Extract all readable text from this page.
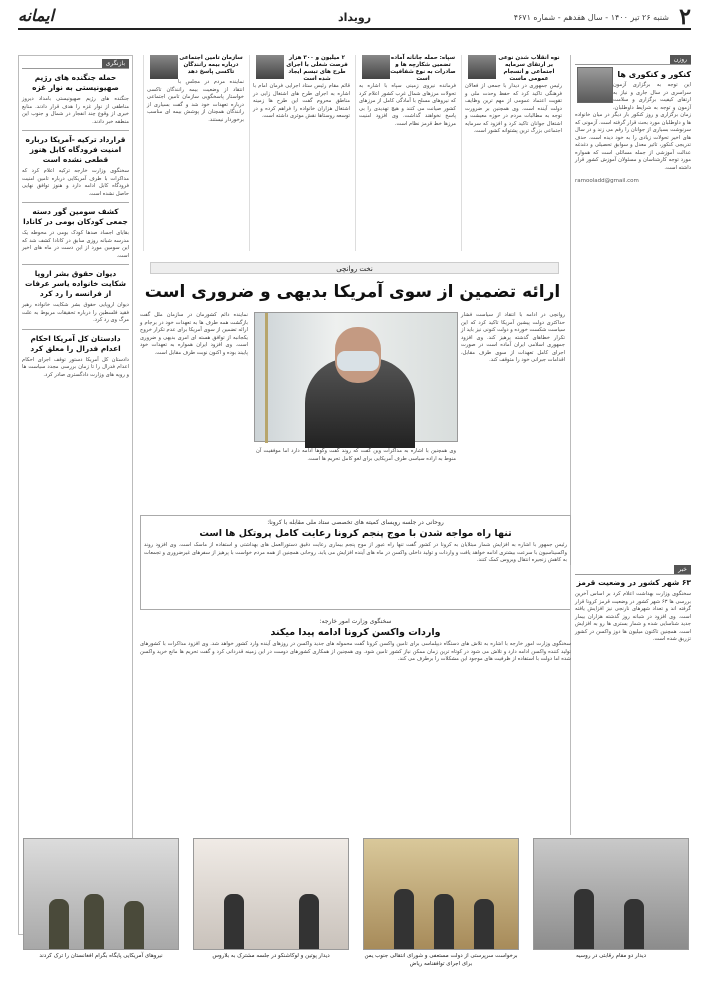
۲
شنبه ۲۶ تیر ۱۴۰۰ - سال هفدهم - شماره ۴۶۷۱
رویداد
ایمانه
روزن
کنکور و کنکوری ها
این توجه به برگزاری آزمون سراسری در سال جاری و نیاز به ارتقای کیفیت برگزاری و سلامت آزمون و توجه به شرایط داوطلبان، زمان برگزاری و روز کنکور بار دیگر در میان خانواده ها و داوطلبان مورد بحث قرار گرفته است. آزمونی که سرنوشت بسیاری از جوانان را رقم می زند و در سال های اخیر تحولات زیادی را به خود دیده است. حذف تدریجی کنکور، تاثیر معدل و سوابق تحصیلی و دغدغه عدالت آموزشی از جمله مسائلی است که همواره مورد توجه کارشناسان و مسئولان آموزش کشور قرار داشته است.
ramooladd@gmail.com
بازنگری
حمله جنگنده های رژیم صهیونیستی به نوار غزه
جنگنده های رژیم صهیونیستی بامداد دیروز مناطقی از نوار غزه را هدف قرار دادند. منابع خبری از وقوع چند انفجار در شمال و جنوب این منطقه خبر دادند.
قرارداد ترکیه -آمریکا درباره امنیت فرودگاه کابل هنوز قطعی نشده است
سخنگوی وزارت خارجه ترکیه اعلام کرد که مذاکرات با طرف آمریکایی درباره تامین امنیت فرودگاه کابل ادامه دارد و هنوز توافق نهایی حاصل نشده است.
کشف سومین گور دسته جمعی کودکان بومی در کانادا
بقایای اجساد صدها کودک بومی در محوطه یک مدرسه شبانه روزی سابق در کانادا کشف شد که این سومین مورد از این دست در ماه های اخیر است.
دیوان حقوق بشر اروپا شکایت خانواده یاسر عرفات از فرانسه را رد کرد
دیوان اروپایی حقوق بشر شکایت خانواده رهبر فقید فلسطین را درباره تحقیقات مربوط به علت مرگ وی رد کرد.
دادستان کل آمریکا احکام اعدام فدرال را معلق کرد
دادستان کل آمریکا دستور توقف اجرای احکام اعدام فدرال را تا زمان بررسی مجدد سیاست ها و رویه های وزارت دادگستری صادر کرد.
نوه انقلاب شدن نوعی بر ارتقای سرمایه اجتماعی و انسجام عمومی ماست
رئیس جمهوری در دیدار با جمعی از فعالان فرهنگی تاکید کرد که حفظ وحدت ملی و تقویت اعتماد عمومی از مهم ترین وظایف دولت آینده است. وی همچنین بر ضرورت توجه به مطالبات مردم در حوزه معیشت و اشتغال جوانان تاکید کرد و افزود که سرمایه اجتماعی بزرگ ترین پشتوانه کشور است.
سپاه: حمله جانانه آماده تضمین شکارچه ها و صادرات به نوع شفافیت است
فرمانده نیروی زمینی سپاه با اشاره به تحولات مرزهای شمال غرب کشور اعلام کرد که نیروهای مسلح با آمادگی کامل از مرزهای کشور صیانت می کنند و هیچ تهدیدی را بی پاسخ نخواهند گذاشت. وی افزود امنیت مرزها خط قرمز نظام است.
۲ میلیون و ۳۰۰ هزار فرصت شغلی با اجرای طرح های تبسم ایجاد شده است
قائم مقام رئیس ستاد اجرایی فرمان امام با اشاره به اجرای طرح های اشتغال زایی در مناطق محروم گفت این طرح ها زمینه اشتغال هزاران خانواده را فراهم کرده و در توسعه روستاها نقش موثری داشته است.
سازمان تامین اجتماعی درباره بیمه رانندگان تاکسی پاسخ دهد
نماینده مردم در مجلس با انتقاد از وضعیت بیمه رانندگان تاکسی خواستار پاسخگویی سازمان تامین اجتماعی درباره تعهدات خود شد و گفت بسیاری از رانندگان همچنان از پوشش بیمه ای مناسب برخوردار نیستند.
نخت روانچی
ارائه تضمین از سوی آمریکا بدیهی و ضروری است
روانچی در ادامه با انتقاد از سیاست فشار حداکثری دولت پیشین آمریکا تاکید کرد که این سیاست شکست خورده و دولت کنونی نیز باید از تکرار خطاهای گذشته پرهیز کند. وی افزود جمهوری اسلامی ایران آماده است در صورت اجرای کامل تعهدات از سوی طرف مقابل، اقدامات جبرانی خود را متوقف کند.
نماینده دائم کشورمان در سازمان ملل گفت بازگشت همه طرف ها به تعهدات خود در برجام و ارائه تضمین از سوی آمریکا برای عدم تکرار خروج یکجانبه از توافق هسته ای امری بدیهی و ضروری است. وی افزود ایران همواره به تعهدات خود پایبند بوده و اکنون نوبت طرف مقابل است.
وی همچنین با اشاره به مذاکرات وین گفت که روند گفت وگوها ادامه دارد اما موفقیت آن منوط به اراده سیاسی طرف آمریکایی برای لغو کامل تحریم ها است.
روحانی در جلسه رویسای کمیته های تخصصی ستاد ملی مقابله با کرونا:
تنها راه مواجه شدن با موج پنجم کرونا رعایت کامل پروتکل ها است
رئیس جمهور با اشاره به افزایش شمار مبتلایان به کرونا در کشور گفت تنها راه عبور از موج پنجم بیماری رعایت دقیق دستورالعمل های بهداشتی و استفاده از ماسک است. وی افزود روند واکسیناسیون با سرعت بیشتری ادامه خواهد یافت و واردات و تولید داخلی واکسن در ماه های آینده افزایش می یابد. روحانی همچنین از همه مردم خواست با پرهیز از سفرهای غیرضروری و تجمعات به کاهش زنجیره انتقال ویروس کمک کنند.
خبر
۶۳ شهر کشور در وضعیت قرمز
سخنگوی وزارت بهداشت اعلام کرد بر اساس آخرین بررسی ها ۶۳ شهر کشور در وضعیت قرمز کرونا قرار گرفته اند و تعداد شهرهای نارنجی نیز افزایش یافته است. وی افزود در شبانه روز گذشته هزاران بیمار جدید شناسایی شده و شمار بستری ها رو به افزایش است. همچنین تاکنون میلیون ها دوز واکسن در کشور تزریق شده است.
سخنگوی وزارت امور خارجه:
واردات واکسن کرونا ادامه پیدا میکند
سخنگوی وزارت امور خارجه با اشاره به تلاش های دستگاه دیپلماسی برای تامین واکسن کرونا گفت محموله های جدید واکسن در روزهای آینده وارد کشور خواهد شد. وی افزود مذاکرات با کشورهای تولید کننده واکسن ادامه دارد و تلاش می شود در کوتاه ترین زمان ممکن نیاز کشور تامین شود. وی همچنین از همکاری کشورهای دوست در این زمینه قدردانی کرد و گفت تحریم ها مانع خرید واکسن شده اما دولت با استفاده از ظرفیت های موجود این مشکلات را برطرف می کند.
دیدار دو مقام رقابتی در روسیه
برخواست سرپرستی از دولت مستعفی و شورای انتقالی جنوب یمن برای اجرای توافقنامه ریاض
دیدار پوتین و لوکاشنکو در جلسه مشترک به بلاروس
نیروهای آمریکایی پایگاه بگرام افغانستان را ترک کردند
